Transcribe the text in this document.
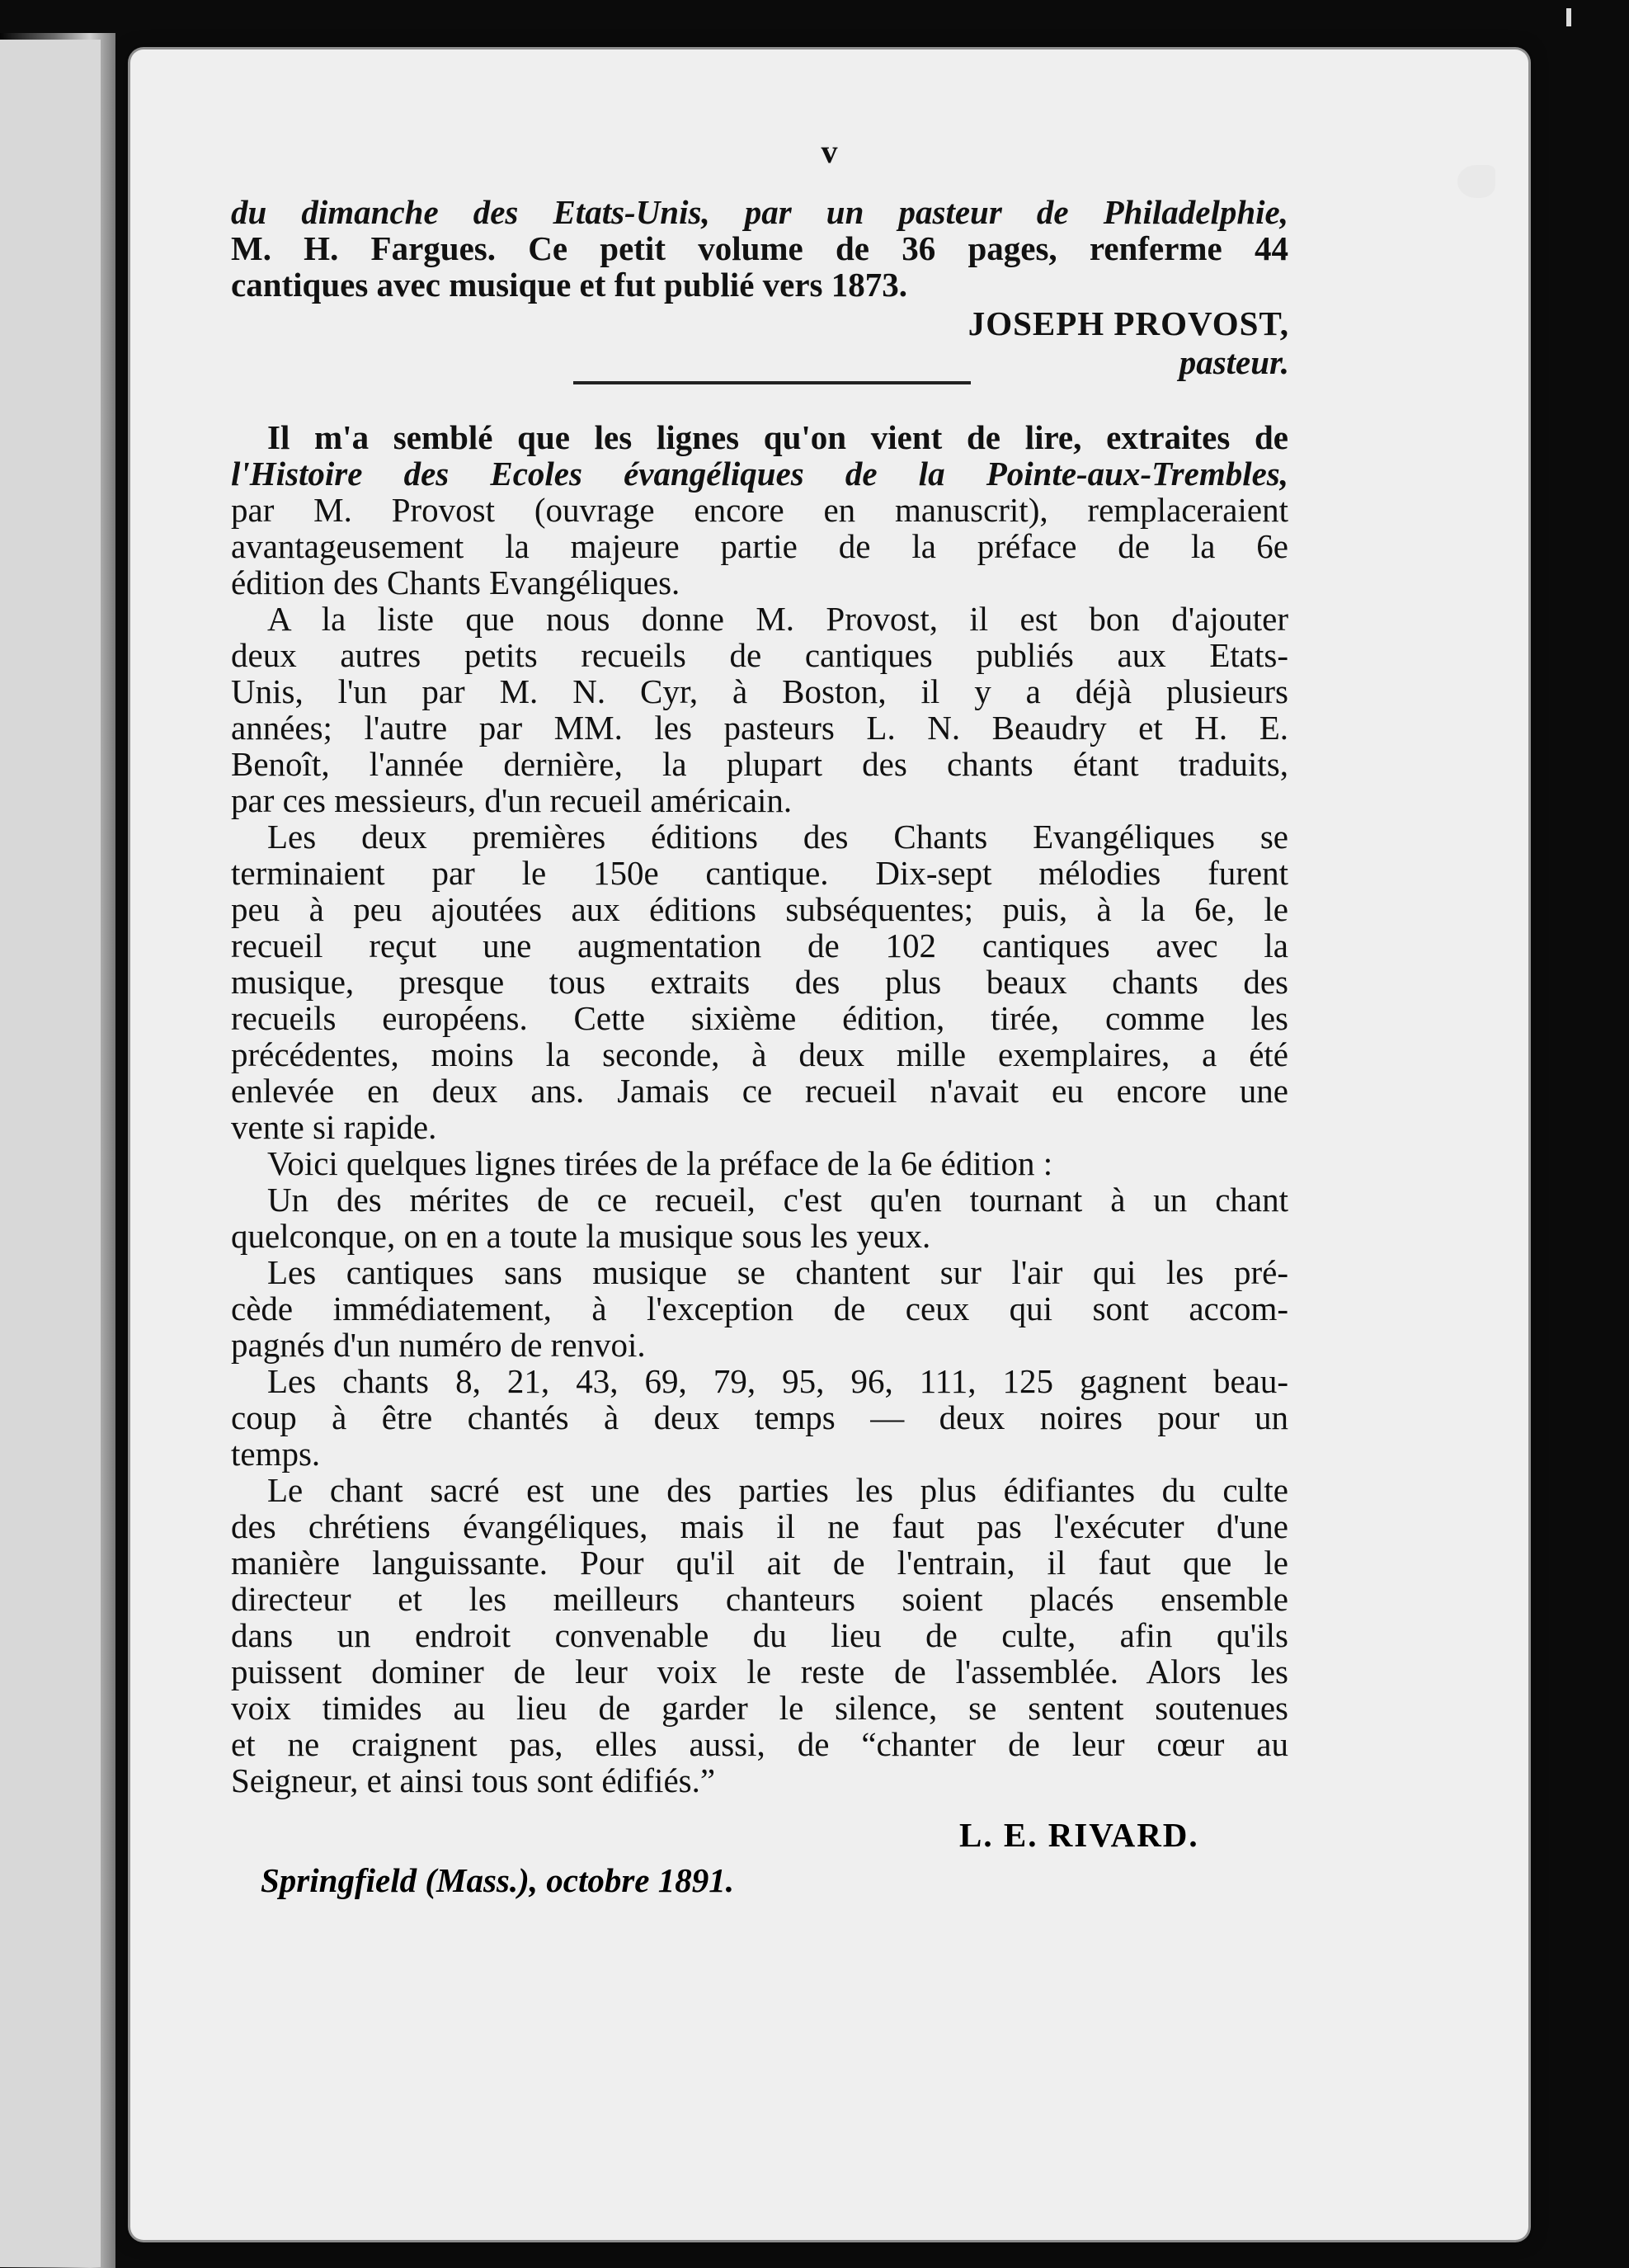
v
du dimanche des Etats-Unis, par un pasteur de Philadelphie,
M. H. Fargues. Ce petit volume de 36 pages, renferme 44
cantiques avec musique et fut publié vers 1873.
JOSEPH PROVOST,
pasteur.
Il m'a semblé que les lignes qu'on vient de lire, extraites de
l'Histoire des Ecoles évangéliques de la Pointe-aux-Trembles,
par M. Provost (ouvrage encore en manuscrit), remplaceraient
avantageusement la majeure partie de la préface de la 6e
édition des Chants Evangéliques.
A la liste que nous donne M. Provost, il est bon d'ajouter
deux autres petits recueils de cantiques publiés aux Etats-
Unis, l'un par M. N. Cyr, à Boston, il y a déjà plusieurs
années; l'autre par MM. les pasteurs L. N. Beaudry et H. E.
Benoît, l'année dernière, la plupart des chants étant traduits,
par ces messieurs, d'un recueil américain.
Les deux premières éditions des Chants Evangéliques se
terminaient par le 150e cantique. Dix-sept mélodies furent
peu à peu ajoutées aux éditions subséquentes; puis, à la 6e, le
recueil reçut une augmentation de 102 cantiques avec la
musique, presque tous extraits des plus beaux chants des
recueils européens. Cette sixième édition, tirée, comme les
précédentes, moins la seconde, à deux mille exemplaires, a été
enlevée en deux ans. Jamais ce recueil n'avait eu encore une
vente si rapide.
Voici quelques lignes tirées de la préface de la 6e édition :
Un des mérites de ce recueil, c'est qu'en tournant à un chant
quelconque, on en a toute la musique sous les yeux.
Les cantiques sans musique se chantent sur l'air qui les pré-
cède immédiatement, à l'exception de ceux qui sont accom-
pagnés d'un numéro de renvoi.
Les chants 8, 21, 43, 69, 79, 95, 96, 111, 125 gagnent beau-
coup à être chantés à deux temps — deux noires pour un
temps.
Le chant sacré est une des parties les plus édifiantes du culte
des chrétiens évangéliques, mais il ne faut pas l'exécuter d'une
manière languissante. Pour qu'il ait de l'entrain, il faut que le
directeur et les meilleurs chanteurs soient placés ensemble
dans un endroit convenable du lieu de culte, afin qu'ils
puissent dominer de leur voix le reste de l'assemblée. Alors les
voix timides au lieu de garder le silence, se sentent soutenues
et ne craignent pas, elles aussi, de “chanter de leur cœur au
Seigneur, et ainsi tous sont édifiés.”
L. E. RIVARD.
Springfield (Mass.), octobre 1891.
